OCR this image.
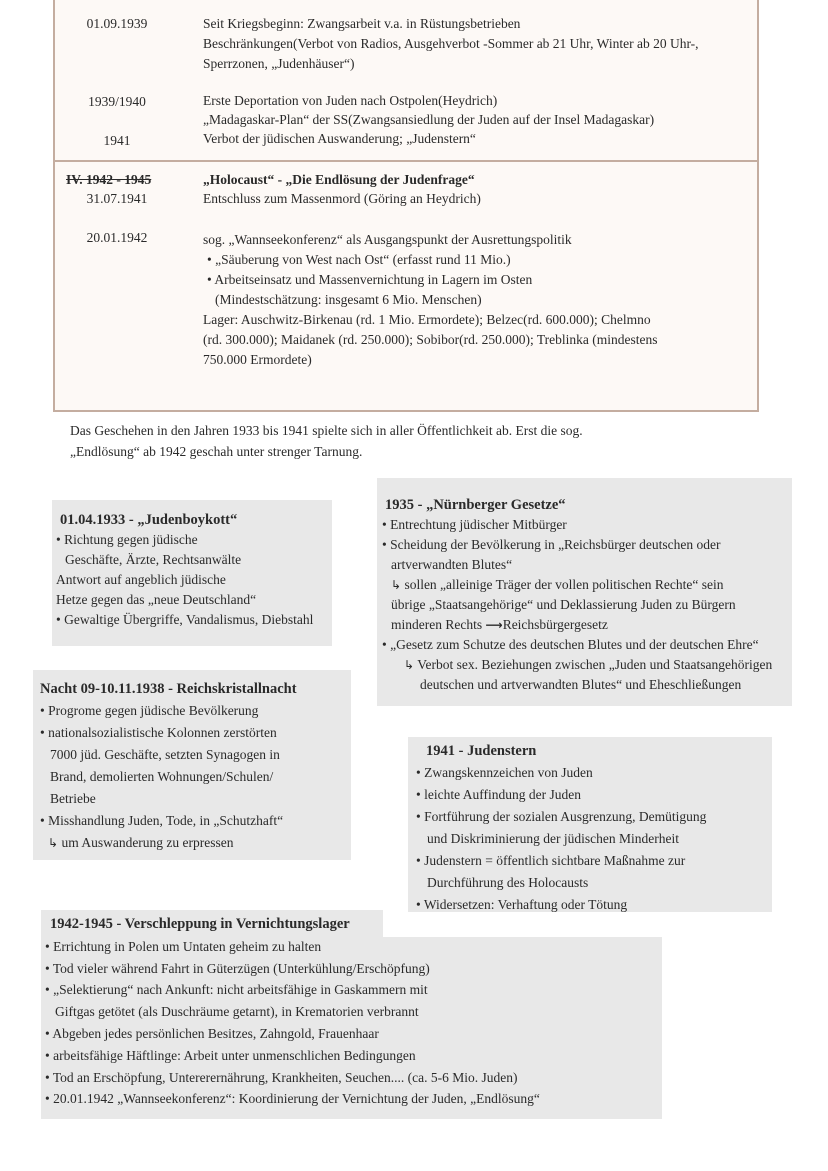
01.09.1939	Seit Kriegsbeginn: Zwangsarbeit v.a. in Rüstungsbetrieben
Beschränkungen(Verbot von Radios, Ausgehverbot -Sommer ab 21 Uhr, Winter ab 20 Uhr-,
Sperrzonen, „Judenhäuser“)
1939/1940	Erste Deportation von Juden nach Ostpolen(Heydrich)
„Madagaskar-Plan“ der SS(Zwangsansiedlung der Juden auf der Insel Madagaskar)
1941	Verbot der jüdischen Auswanderung; „Judenstern“
IV. 1942 - 1945	„Holocaust“ - „Die Endlösung der Judenfrage“
31.07.1941	Entschluss zum Massenmord (Göring an Heydrich)
20.01.1942	sog. „Wannseekonferenz“ als Ausgangspunkt der Ausrettungspolitik
• „Säuberung von West nach Ost“ (erfasst rund 11 Mio.)
• Arbeitseinsatz und Massenvernichtung in Lagern im Osten
(Mindestschätzung: insgesamt 6 Mio. Menschen)
Lager: Auschwitz-Birkenau (rd. 1 Mio. Ermordete); Belzec(rd. 600.000); Chelmno
(rd. 300.000); Maidanek (rd. 250.000); Sobibor(rd. 250.000); Treblinka (mindestens
750.000 Ermordete)
Das Geschehen in den Jahren 1933 bis 1941 spielte sich in aller Öffentlichkeit ab. Erst die sog.
„Endlösung“ ab 1942 geschah unter strenger Tarnung.
01.04.1933 - „Judenboykott“
• Richtung gegen jüdische
Geschäfte, Ärzte, Rechtsanwälte
Antwort auf angeblich jüdische
Hetze gegen das „neue Deutschland“
• Gewaltige Übergriffe, Vandalismus, Diebstahl
1935 - „Nürnberger Gesetze“
• Entrechtung jüdischer Mitbürger
• Scheidung der Bevölkerung in „Reichsbürger deutschen oder
artverwandten Blutes“
↳ sollen „alleinige Träger der vollen politischen Rechte“ sein
übrige „Staatsangehörige“ und Deklassierung Juden zu Bürgern
minderen Rechts ⟶Reichsbürgergesetz
• „Gesetz zum Schutze des deutschen Blutes und der deutschen Ehre“
↳ Verbot sex. Beziehungen zwischen „Juden und Staatsangehörigen
deutschen und artverwandten Blutes“ und Eheschließungen
Nacht 09-10.11.1938 - Reichskristallnacht
• Progrome gegen jüdische Bevölkerung
• nationalsozialistische Kolonnen zerstörten
7000 jüd. Geschäfte, setzten Synagogen in
Brand, demolierten Wohnungen/Schulen/
Betriebe
• Misshandlung Juden, Tode, in „Schutzhaft“
↳ um Auswanderung zu erpressen
1941 - Judenstern
• Zwangskennzeichen von Juden
• leichte Auffindung der Juden
• Fortführung der sozialen Ausgrenzung, Demütigung
und Diskriminierung der jüdischen Minderheit
• Judenstern = öffentlich sichtbare Maßnahme zur
Durchführung des Holocausts
• Widersetzen: Verhaftung oder Tötung
1942-1945 - Verschleppung in Vernichtungslager
• Errichtung in Polen um Untaten geheim zu halten
• Tod vieler während Fahrt in Güterzügen (Unterkühlung/Erschöpfung)
• „Selektierung“ nach Ankunft: nicht arbeitsfähige in Gaskammern mit
Giftgas getötet (als Duschräume getarnt), in Krematorien verbrannt
• Abgeben jedes persönlichen Besitzes, Zahngold, Frauenhaar
• arbeitsfähige Häftlinge: Arbeit unter unmenschlichen Bedingungen
• Tod an Erschöpfung, Untererernährung, Krankheiten, Seuchen.... (ca. 5-6 Mio. Juden)
• 20.01.1942 „Wannseekonferenz“: Koordinierung der Vernichtung der Juden, „Endlösung“
